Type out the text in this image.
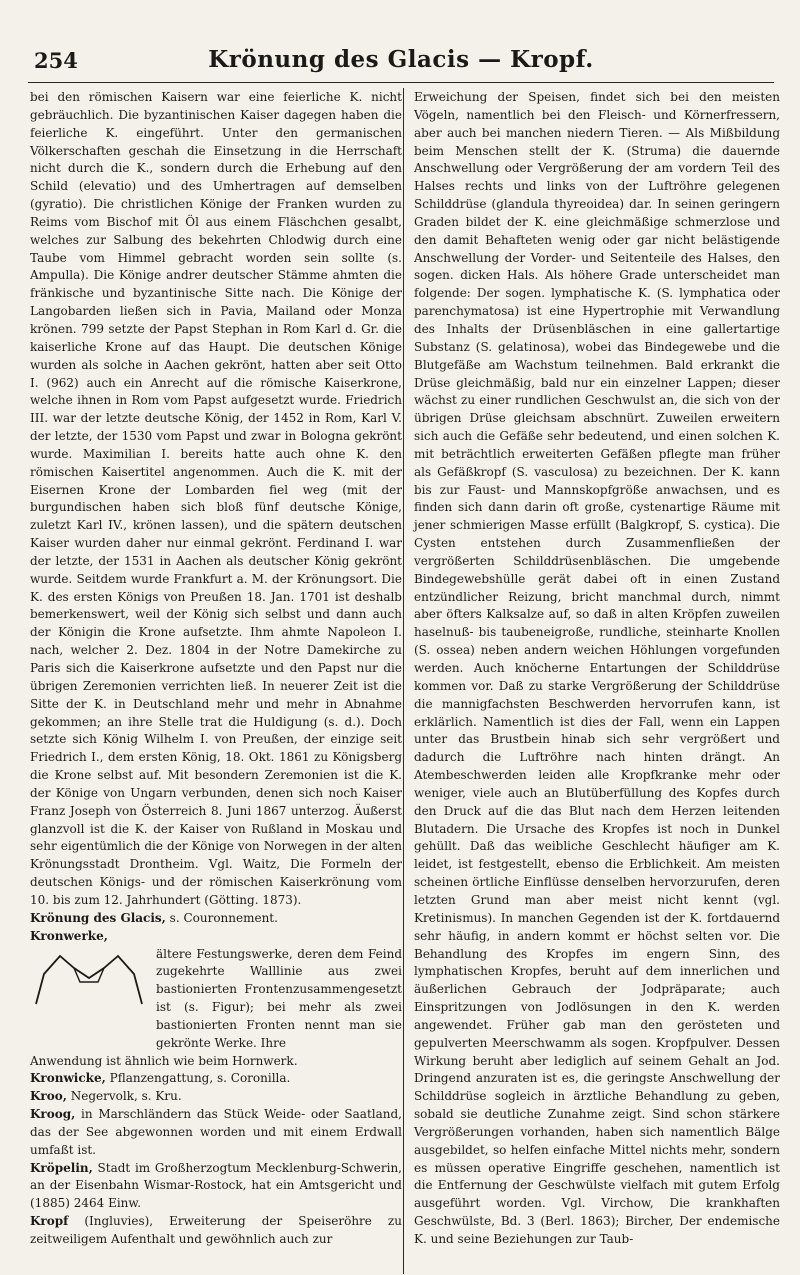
254	Krönung des Glacis — Kropf.

bei den römischen Kaisern war eine feierliche K. nicht gebräuchlich. Die byzantinischen Kaiser dagegen haben die feierliche K. eingeführt. Unter den germanischen Völkerschaften geschah die Einsetzung in die Herrschaft nicht durch die K., sondern durch die Erhebung auf den Schild (elevatio) und des Umhertragen auf demselben (gyratio). Die christlichen Könige der Franken wurden zu Reims vom Bischof mit Öl aus einem Fläschchen gesalbt, welches zur Salbung des bekehrten Chlodwig durch eine Taube vom Himmel gebracht worden sein sollte (s. Ampulla). Die Könige andrer deutscher Stämme ahmten die fränkische und byzantinische Sitte nach. Die Könige der Langobarden ließen sich in Pavia, Mailand oder Monza krönen. 799 setzte der Papst Stephan in Rom Karl d. Gr. die kaiserliche Krone auf das Haupt. Die deutschen Könige wurden als solche in Aachen gekrönt, hatten aber seit Otto I. (962) auch ein Anrecht auf die römische Kaiserkrone, welche ihnen in Rom vom Papst aufgesetzt wurde. Friedrich III. war der letzte deutsche König, der 1452 in Rom, Karl V. der letzte, der 1530 vom Papst und zwar in Bologna gekrönt wurde. Maximilian I. bereits hatte auch ohne K. den römischen Kaisertitel angenommen. Auch die K. mit der Eisernen Krone der Lombarden fiel weg (mit der burgundischen haben sich bloß fünf deutsche Könige, zuletzt Karl IV., krönen lassen), und die spätern deutschen Kaiser wurden daher nur einmal gekrönt. Ferdinand I. war der letzte, der 1531 in Aachen als deutscher König gekrönt wurde. Seitdem wurde Frankfurt a. M. der Krönungsort. Die K. des ersten Königs von Preußen 18. Jan. 1701 ist deshalb bemerkenswert, weil der König sich selbst und dann auch der Königin die Krone aufsetzte. Ihm ahmte Napoleon I. nach, welcher 2. Dez. 1804 in der Notre Damekirche zu Paris sich die Kaiserkrone aufsetzte und den Papst nur die übrigen Zeremonien verrichten ließ. In neuerer Zeit ist die Sitte der K. in Deutschland mehr und mehr in Abnahme gekommen; an ihre Stelle trat die Huldigung (s. d.). Doch setzte sich König Wilhelm I. von Preußen, der einzige seit Friedrich I., dem ersten König, 18. Okt. 1861 zu Königsberg die Krone selbst auf. Mit besondern Zeremonien ist die K. der Könige von Ungarn verbunden, denen sich noch Kaiser Franz Joseph von Österreich 8. Juni 1867 unterzog. Äußerst glanzvoll ist die K. der Kaiser von Rußland in Moskau und sehr eigentümlich die der Könige von Norwegen in der alten Krönungsstadt Drontheim. Vgl. Waitz, Die Formeln der deutschen Königs- und der römischen Kaiserkrönung vom 10. bis zum 12. Jahrhundert (Götting. 1873).

Krönung des Glacis, s. Couronnement.

Kronwerke,

ältere Festungswerke, deren dem Feind zugekehrte Walllinie aus zwei bastionierten Frontenzusammengesetzt ist (s. Figur); bei mehr als zwei bastionierten Fronten nennt man sie gekrönte Werke. Ihre

Anwendung ist ähnlich wie beim Hornwerk.

Kronwicke, Pflanzengattung, s. Coronilla.

Kroo, Negervolk, s. Kru.

Kroog, in Marschländern das Stück Weide- oder Saatland, das der See abgewonnen worden und mit einem Erdwall umfaßt ist.

Kröpelin, Stadt im Großherzogtum Mecklenburg-Schwerin, an der Eisenbahn Wismar-Rostock, hat ein Amtsgericht und (1885) 2464 Einw.

Kropf (Ingluvies), Erweiterung der Speiseröhre zu zeitweiligem Aufenthalt und gewöhnlich auch zur

Erweichung der Speisen, findet sich bei den meisten Vögeln, namentlich bei den Fleisch- und Körnerfressern, aber auch bei manchen niedern Tieren. — Als Mißbildung beim Menschen stellt der K. (Struma) die dauernde Anschwellung oder Vergrößerung der am vordern Teil des Halses rechts und links von der Luftröhre gelegenen Schilddrüse (glandula thyreoidea) dar. In seinen geringern Graden bildet der K. eine gleichmäßige schmerzlose und den damit Behafteten wenig oder gar nicht belästigende Anschwellung der Vorder- und Seitenteile des Halses, den sogen. dicken Hals. Als höhere Grade unterscheidet man folgende: Der sogen. lymphatische K. (S. lymphatica oder parenchymatosa) ist eine Hypertrophie mit Verwandlung des Inhalts der Drüsenbläschen in eine gallertartige Substanz (S. gelatinosa), wobei das Bindegewebe und die Blutgefäße am Wachstum teilnehmen. Bald erkrankt die Drüse gleichmäßig, bald nur ein einzelner Lappen; dieser wächst zu einer rundlichen Geschwulst an, die sich von der übrigen Drüse gleichsam abschnürt. Zuweilen erweitern sich auch die Gefäße sehr bedeutend, und einen solchen K. mit beträchtlich erweiterten Gefäßen pflegte man früher als Gefäßkropf (S. vasculosa) zu bezeichnen. Der K. kann bis zur Faust- und Mannskopfgröße anwachsen, und es finden sich dann darin oft große, cystenartige Räume mit jener schmierigen Masse erfüllt (Balgkropf, S. cystica). Die Cysten entstehen durch Zusammenfließen der vergrößerten Schilddrüsenbläschen. Die umgebende Bindegewebshülle gerät dabei oft in einen Zustand entzündlicher Reizung, bricht manchmal durch, nimmt aber öfters Kalksalze auf, so daß in alten Kröpfen zuweilen haselnuß- bis taubeneigroße, rundliche, steinharte Knollen (S. ossea) neben andern weichen Höhlungen vorgefunden werden. Auch knöcherne Entartungen der Schilddrüse kommen vor. Daß zu starke Vergrößerung der Schilddrüse die mannigfachsten Beschwerden hervorrufen kann, ist erklärlich. Namentlich ist dies der Fall, wenn ein Lappen unter das Brustbein hinab sich sehr vergrößert und dadurch die Luftröhre nach hinten drängt. An Atembeschwerden leiden alle Kropfkranke mehr oder weniger, viele auch an Blutüberfüllung des Kopfes durch den Druck auf die das Blut nach dem Herzen leitenden Blutadern. Die Ursache des Kropfes ist noch in Dunkel gehüllt. Daß das weibliche Geschlecht häufiger am K. leidet, ist festgestellt, ebenso die Erblichkeit. Am meisten scheinen örtliche Einflüsse denselben hervorzurufen, deren letzten Grund man aber meist nicht kennt (vgl. Kretinismus). In manchen Gegenden ist der K. fortdauernd sehr häufig, in andern kommt er höchst selten vor. Die Behandlung des Kropfes im engern Sinn, des lymphatischen Kropfes, beruht auf dem innerlichen und äußerlichen Gebrauch der Jodpräparate; auch Einspritzungen von Jodlösungen in den K. werden angewendet. Früher gab man den gerösteten und gepulverten Meerschwamm als sogen. Kropfpulver. Dessen Wirkung beruht aber lediglich auf seinem Gehalt an Jod. Dringend anzuraten ist es, die geringste Anschwellung der Schilddrüse sogleich in ärztliche Behandlung zu geben, sobald sie deutliche Zunahme zeigt. Sind schon stärkere Vergrößerungen vorhanden, haben sich namentlich Bälge ausgebildet, so helfen einfache Mittel nichts mehr, sondern es müssen operative Eingriffe geschehen, namentlich ist die Entfernung der Geschwülste vielfach mit gutem Erfolg ausgeführt worden. Vgl. Virchow, Die krankhaften Geschwülste, Bd. 3 (Berl. 1863); Bircher, Der endemische K. und seine Beziehungen zur Taub-
